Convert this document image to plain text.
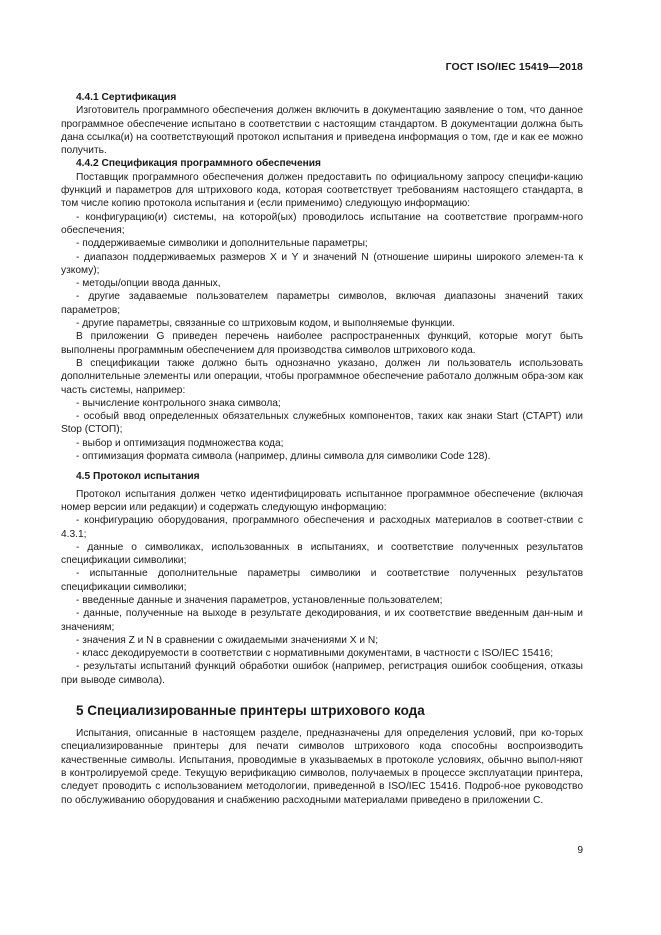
ГОСТ ISO/IEC 15419—2018

4.4.1 Сертификация

Изготовитель программного обеспечения должен включить в документацию заявление о том, что данное программное обеспечение испытано в соответствии с настоящим стандартом. В документации должна быть дана ссылка(и) на соответствующий протокол испытания и приведена информация о том, где и как ее можно получить.

4.4.2 Спецификация программного обеспечения

Поставщик программного обеспечения должен предоставить по официальному запросу специфи-кацию функций и параметров для штрихового кода, которая соответствует требованиям настоящего стандарта, в том числе копию протокола испытания и (если применимо) следующую информацию:

- конфигурацию(и) системы, на которой(ых) проводилось испытание на соответствие программ-ного обеспечения;

- поддерживаемые символики и дополнительные параметры;

- диапазон поддерживаемых размеров X и Y и значений N (отношение ширины широкого элемен-та к узкому);

- методы/опции ввода данных,

- другие задаваемые пользователем параметры символов, включая диапазоны значений таких параметров;

- другие параметры, связанные со штриховым кодом, и выполняемые функции.

В приложении G приведен перечень наиболее распространенных функций, которые могут быть выполнены программным обеспечением для производства символов штрихового кода.

В спецификации также должно быть однозначно указано, должен ли пользователь использовать дополнительные элементы или операции, чтобы программное обеспечение работало должным обра-зом как часть системы, например:

- вычисление контрольного знака символа;

- особый ввод определенных обязательных служебных компонентов, таких как знаки Start (СТАРТ) или Stop (СТОП);

- выбор и оптимизация подмножества кода;

- оптимизация формата символа (например, длины символа для символики Code 128).

4.5 Протокол испытания

Протокол испытания должен четко идентифицировать испытанное программное обеспечение (включая номер версии или редакции) и содержать следующую информацию:

- конфигурацию оборудования, программного обеспечения и расходных материалов в соответ-ствии с 4.3.1;

- данные о символиках, использованных в испытаниях, и соответствие полученных результатов спецификации символики;

- испытанные дополнительные параметры символики и соответствие полученных результатов спецификации символики;

- введенные данные и значения параметров, установленные пользователем;

- данные, полученные на выходе в результате декодирования, и их соответствие введенным дан-ным и значениям;

- значения Z и N в сравнении с ожидаемыми значениями X и N;

- класс декодируемости в соответствии с нормативными документами, в частности с ISO/IEC 15416;

- результаты испытаний функций обработки ошибок (например, регистрация ошибок сообщения, отказы при выводе символа).

5 Специализированные принтеры штрихового кода

Испытания, описанные в настоящем разделе, предназначены для определения условий, при ко-торых специализированные принтеры для печати символов штрихового кода способны воспроизводить качественные символы. Испытания, проводимые в указываемых в протоколе условиях, обычно выпол-няют в контролируемой среде. Текущую верификацию символов, получаемых в процессе эксплуатации принтера, следует проводить с использованием методологии, приведенной в ISO/IEC 15416. Подроб-ное руководство по обслуживанию оборудования и снабжению расходными материалами приведено в приложении C.

9
